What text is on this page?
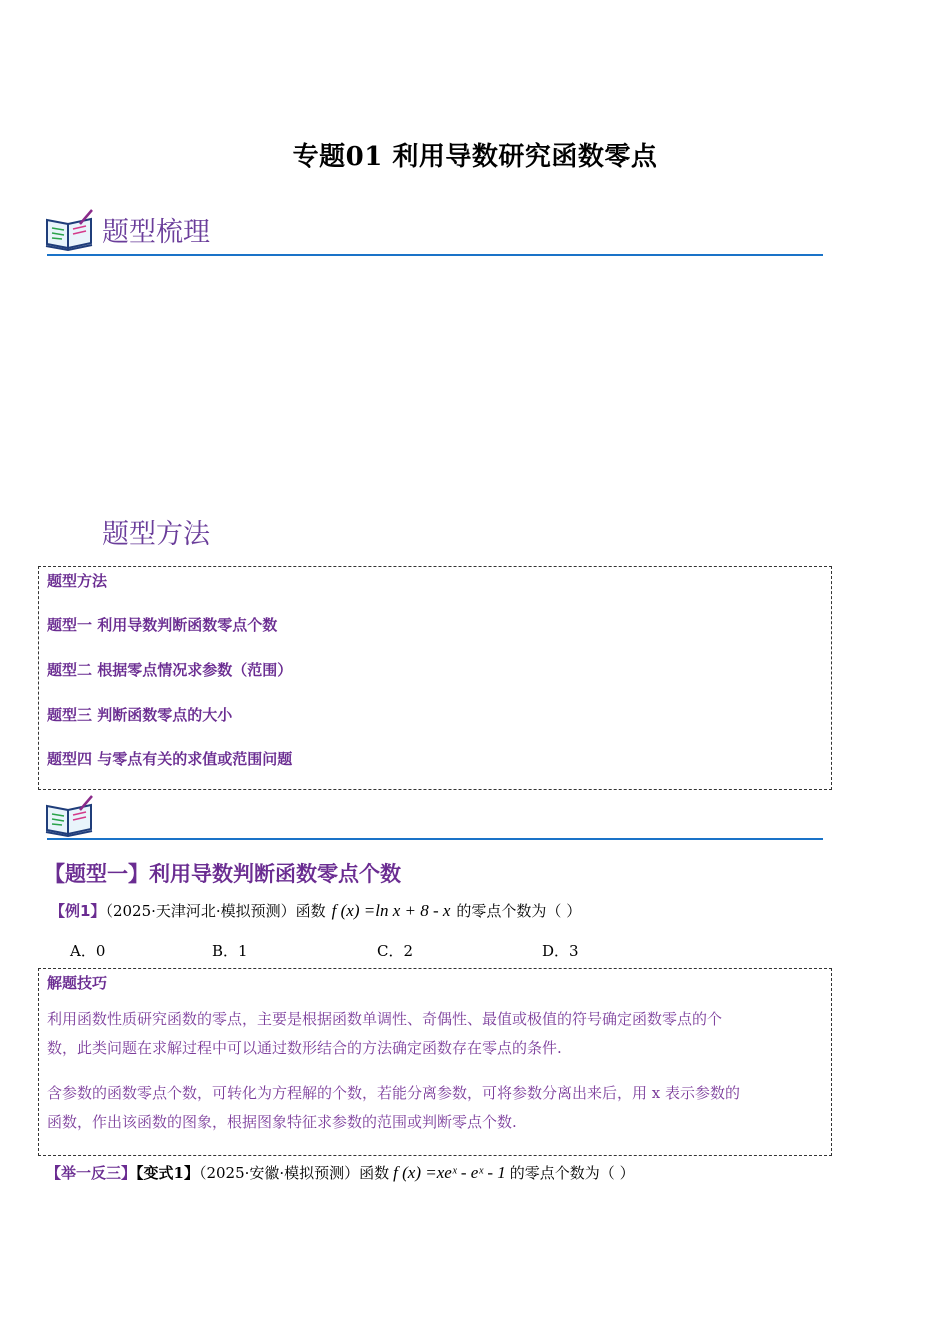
专题01 利用导数研究函数零点
题型梳理
题型方法
题型方法
题型一 利用导数判断函数零点个数
题型二 根据零点情况求参数（范围）
题型三 判断函数零点的大小
题型四 与零点有关的求值或范围问题
【题型一】利用导数判断函数零点个数
【例1】（2025·天津河北·模拟预测）函数 f (x) =ln x + 8 - x 的零点个数为（ ）
A．0	B．1	C．2	D．3
解题技巧
利用函数性质研究函数的零点，主要是根据函数单调性、奇偶性、最值或极值的符号确定函数零点的个
数，此类问题在求解过程中可以通过数形结合的方法确定函数存在零点的条件.
含参数的函数零点个数，可转化为方程解的个数，若能分离参数，可将参数分离出来后，用 x 表示参数的
函数，作出该函数的图象，根据图象特征求参数的范围或判断零点个数.
【举一反三】【变式1】（2025·安徽·模拟预测）函数 f (x) =xeˣ - eˣ - 1 的零点个数为（ ）
